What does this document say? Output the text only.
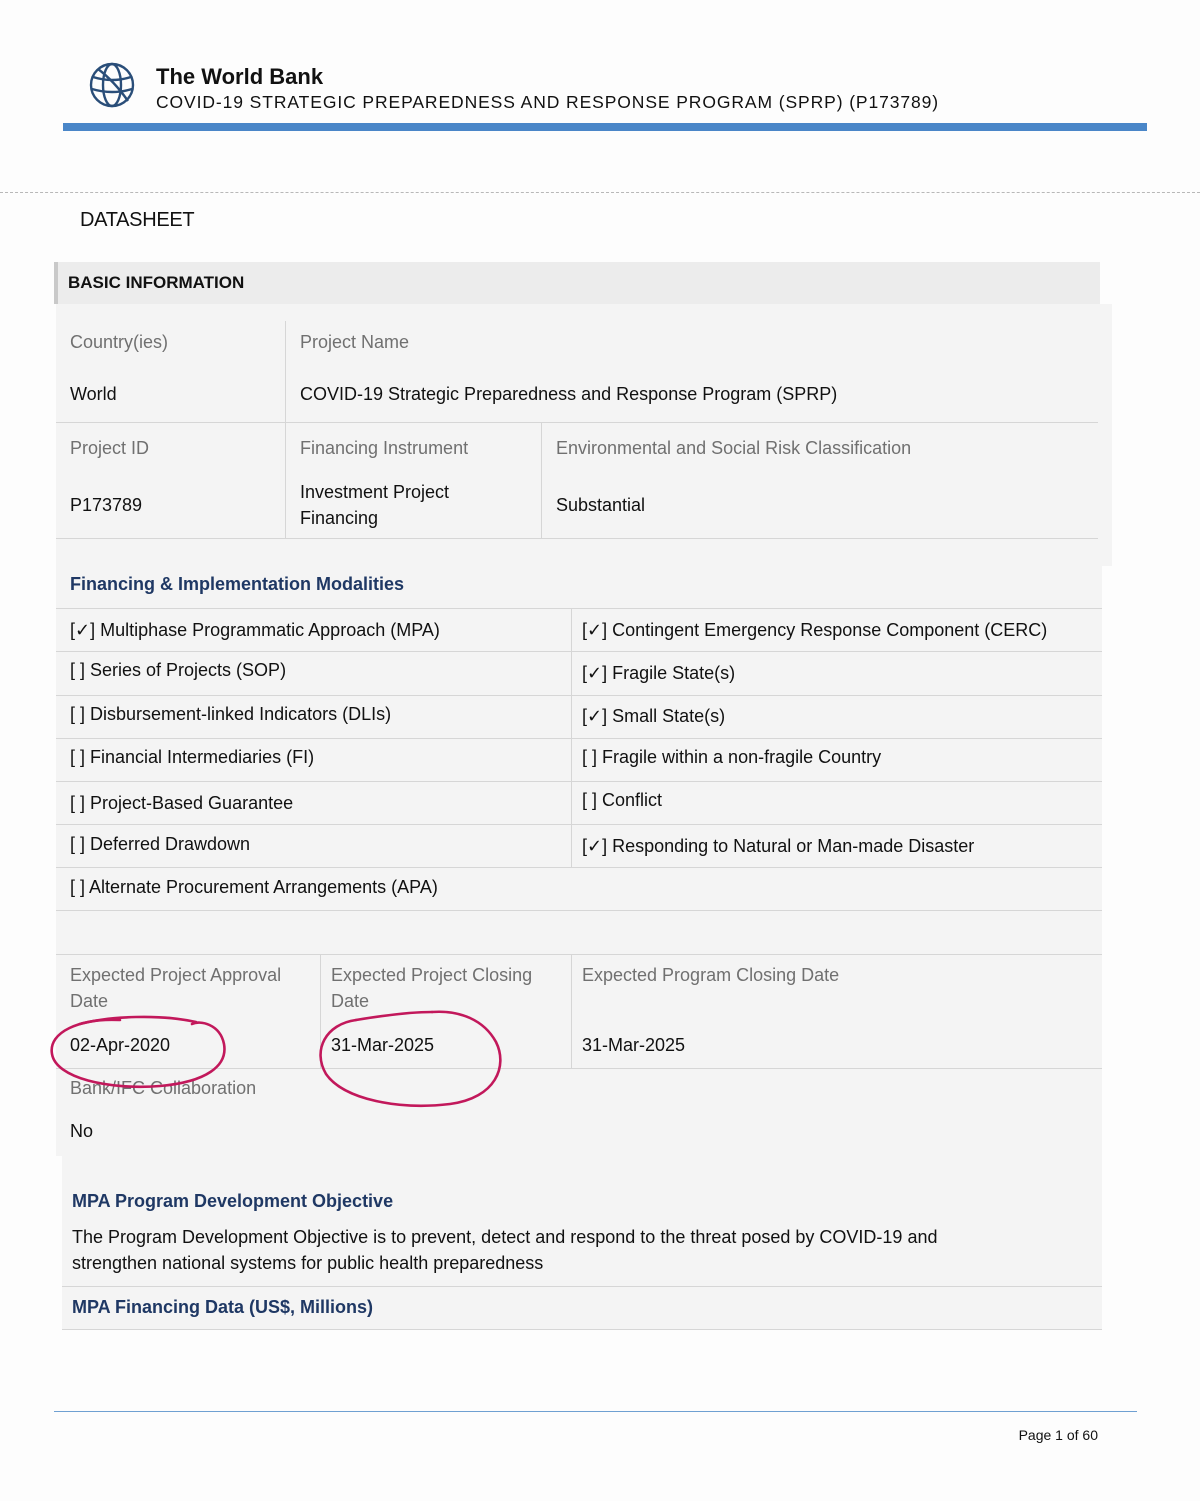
The World Bank
COVID-19 STRATEGIC PREPAREDNESS AND RESPONSE PROGRAM (SPRP) (P173789)
DATASHEET
BASIC INFORMATION
Country(ies)
World
Project Name
COVID-19 Strategic Preparedness and Response Program (SPRP)
Project ID
P173789
Financing Instrument
Investment Project
Financing
Environmental and Social Risk Classification
Substantial
Financing & Implementation Modalities
[✓] Multiphase Programmatic Approach (MPA)
[ ] Series of Projects (SOP)
[ ] Disbursement-linked Indicators (DLIs)
[ ] Financial Intermediaries (FI)
[ ] Project-Based Guarantee
[ ] Deferred Drawdown
[ ] Alternate Procurement Arrangements (APA)
[✓] Contingent Emergency Response Component (CERC)
[✓] Fragile State(s)
[✓] Small State(s)
[ ] Fragile within a non-fragile Country
[ ] Conflict
[✓] Responding to Natural or Man-made Disaster
Expected Project Approval
Date
02-Apr-2020
Expected Project Closing
Date
31-Mar-2025
Expected Program Closing Date
31-Mar-2025
Bank/IFC Collaboration
No
MPA Program Development Objective
The Program Development Objective is to prevent, detect and respond to the threat posed by COVID-19 and
strengthen national systems for public health preparedness
MPA Financing Data (US$, Millions)
Page 1 of 60
